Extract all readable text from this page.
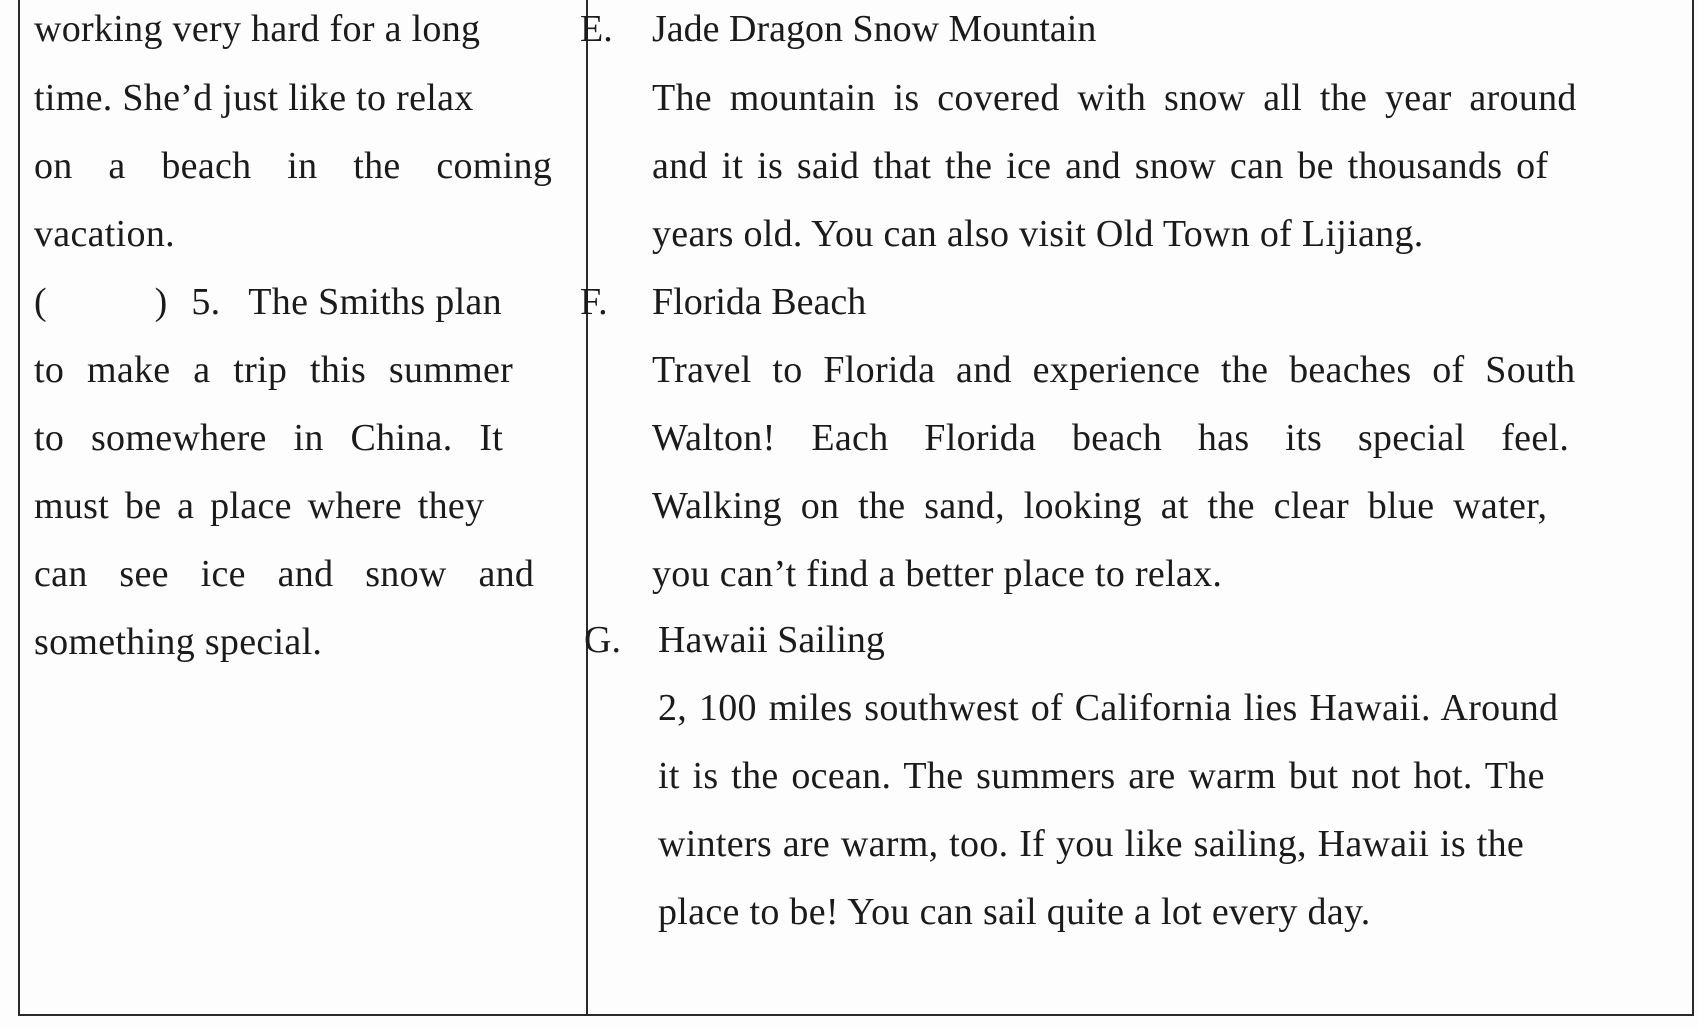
working very hard for a long
time. She’d just like to relax
on a beach in the coming
vacation.
(	) 5. The Smiths plan
to make a trip this summer
to somewhere in China. It
must be a place where they
can see ice and snow and
something special.
E. Jade Dragon Snow Mountain
The mountain is covered with snow all the year around
and it is said that the ice and snow can be thousands of
years old. You can also visit Old Town of Lijiang.
F. Florida Beach
Travel to Florida and experience the beaches of South
Walton! Each Florida beach has its special feel.
Walking on the sand, looking at the clear blue water,
you can’t find a better place to relax.
G. Hawaii Sailing
2, 100 miles southwest of California lies Hawaii. Around
it is the ocean. The summers are warm but not hot. The
winters are warm, too. If you like sailing, Hawaii is the
place to be! You can sail quite a lot every day.
